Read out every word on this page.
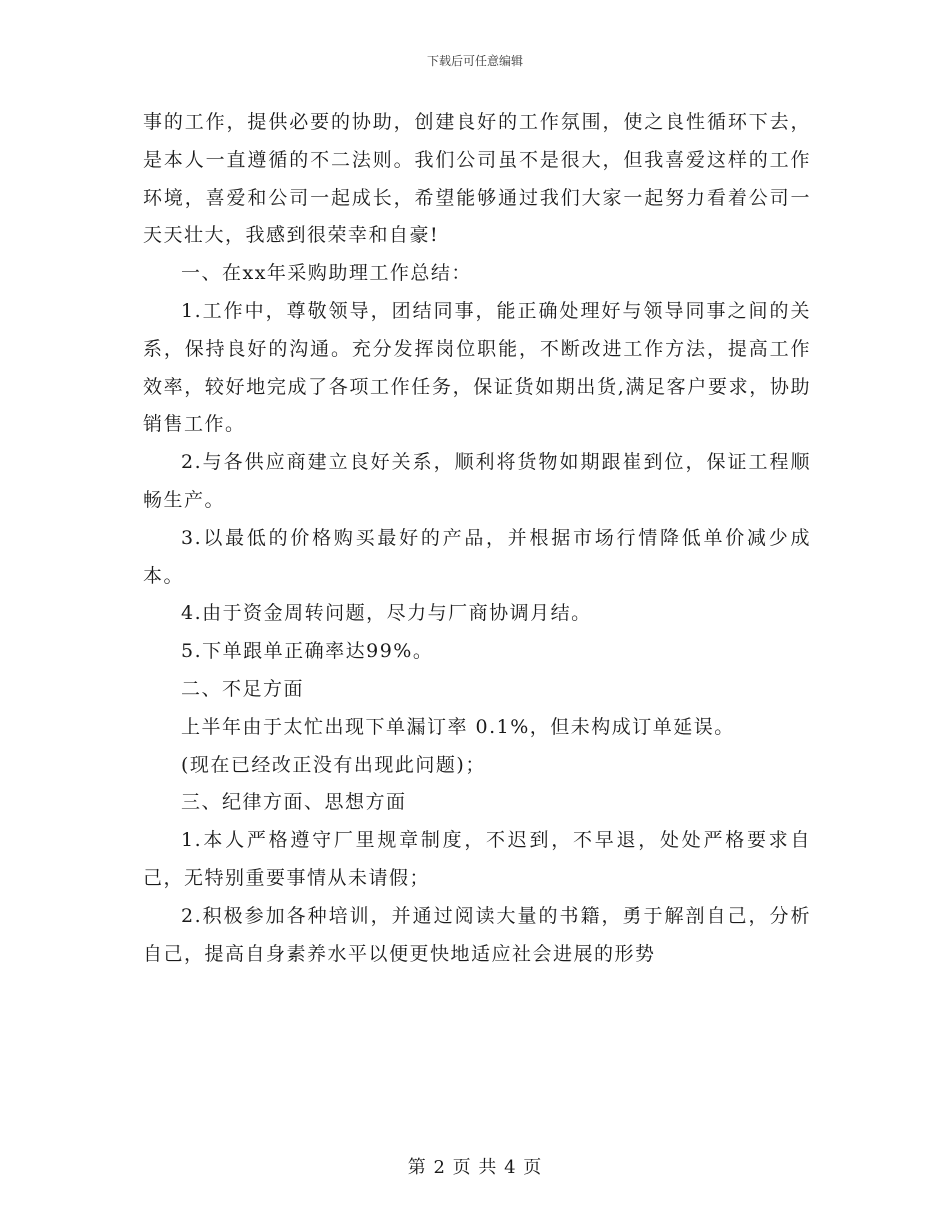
下载后可任意编辑

事的工作，提供必要的协助，创建良好的工作氛围，使之良性循环下去，是本人一直遵循的不二法则。我们公司虽不是很大，但我喜爱这样的工作环境，喜爱和公司一起成长，希望能够通过我们大家一起努力看着公司一天天壮大，我感到很荣幸和自豪!

一、在xx年采购助理工作总结：

1.工作中，尊敬领导，团结同事，能正确处理好与领导同事之间的关系，保持良好的沟通。充分发挥岗位职能，不断改进工作方法，提高工作效率，较好地完成了各项工作任务，保证货如期出货,满足客户要求，协助销售工作。

2.与各供应商建立良好关系，顺利将货物如期跟崔到位，保证工程顺畅生产。

3.以最低的价格购买最好的产品，并根据市场行情降低单价减少成本。

4.由于资金周转问题，尽力与厂商协调月结。

5.下单跟单正确率达99%。

二、不足方面

上半年由于太忙出现下单漏订率 0.1%，但未构成订单延误。

(现在已经改正没有出现此问题)；

三、纪律方面、思想方面

1.本人严格遵守厂里规章制度，不迟到，不早退，处处严格要求自己，无特别重要事情从未请假；

2.积极参加各种培训，并通过阅读大量的书籍，勇于解剖自己，分析自己，提高自身素养水平以便更快地适应社会进展的形势

第 2 页 共 4 页
